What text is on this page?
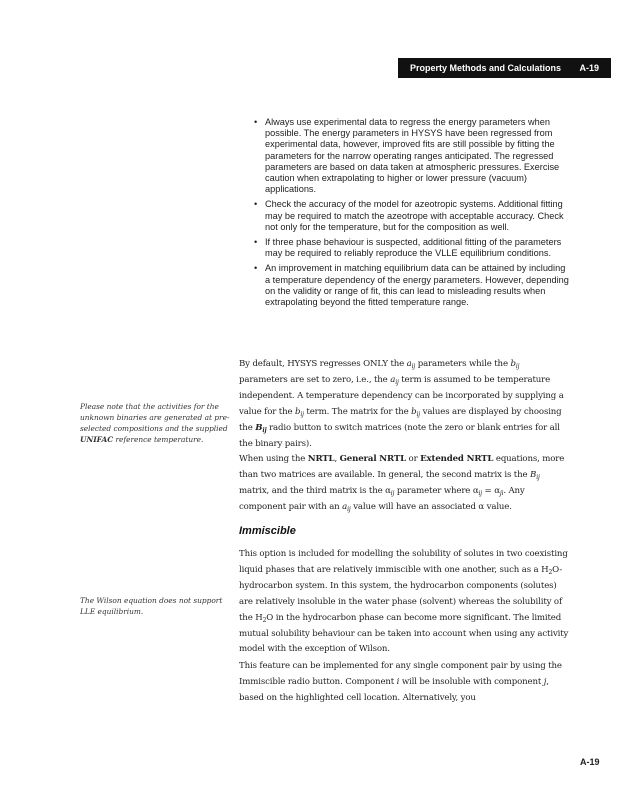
Property Methods and Calculations A-19
• Always use experimental data to regress the energy parameters when possible. The energy parameters in HYSYS have been regressed from experimental data, however, improved fits are still possible by fitting the parameters for the narrow operating ranges anticipated. The regressed parameters are based on data taken at atmospheric pressures. Exercise caution when extrapolating to higher or lower pressure (vacuum) applications.
• Check the accuracy of the model for azeotropic systems. Additional fitting may be required to match the azeotrope with acceptable accuracy. Check not only for the temperature, but for the composition as well.
• If three phase behaviour is suspected, additional fitting of the parameters may be required to reliably reproduce the VLLE equilibrium conditions.
• An improvement in matching equilibrium data can be attained by including a temperature dependency of the energy parameters. However, depending on the validity or range of fit, this can lead to misleading results when extrapolating beyond the fitted temperature range.

By default, HYSYS regresses ONLY the $a_{ij}$ parameters while the $b_{ij}$
parameters are set to zero, i.e., the $a_{ij}$ term is assumed to be temperature independent. A temperature dependency can be incorporated by supplying a value for the $b_{ij}$ term. The matrix for the $b_{ij}$ values are displayed by choosing the $B_{ij}$ radio button to switch matrices (note the zero or blank entries for all the binary pairs).

When using the NRTL, General NRTL or Extended NRTL equations, more than two matrices are available. In general, the second matrix is the $B_{ij}$ matrix, and the third matrix is the $\alpha_{ij}$ parameter where $\alpha_{ij} = \alpha_{ji}$. Any component pair with an $a_{ij}$ value will have an associated α value.

Immiscible

This option is included for modelling the solubility of solutes in two coexisting liquid phases that are relatively immiscible with one another, such as a $H_2O$-hydrocarbon system. In this system, the hydrocarbon components (solutes) are relatively insoluble in the water phase (solvent) whereas the solubility of the $H_2O$ in the hydrocarbon phase can become more significant. The limited mutual solubility behaviour can be taken into account when using any activity model with the exception of Wilson.

This feature can be implemented for any single component pair by using the Immiscible radio button. Component i will be insoluble with component j, based on the highlighted cell location. Alternatively, you

Please note that the activities for the unknown binaries are generated at pre-selected compositions and the supplied UNIFAC reference temperature.

The Wilson equation does not support LLE equilibrium.

A-19
